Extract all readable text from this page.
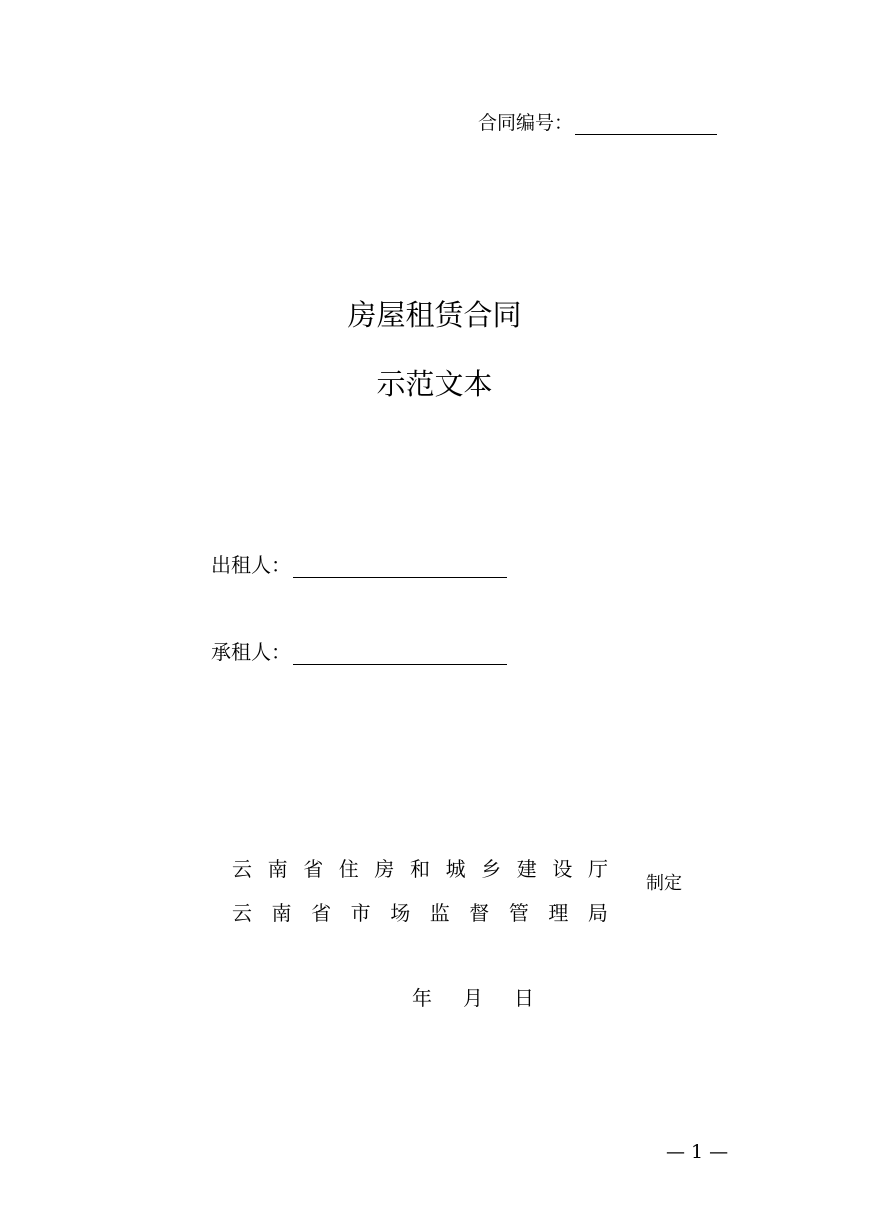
合同编号：
房屋租赁合同
示范文本
出租人：
承租人：
云 南 省 住 房 和 城 乡 建 设 厅
云 南 省 市 场 监 督 管 理 局
制定
年 月 日
— 1 —
